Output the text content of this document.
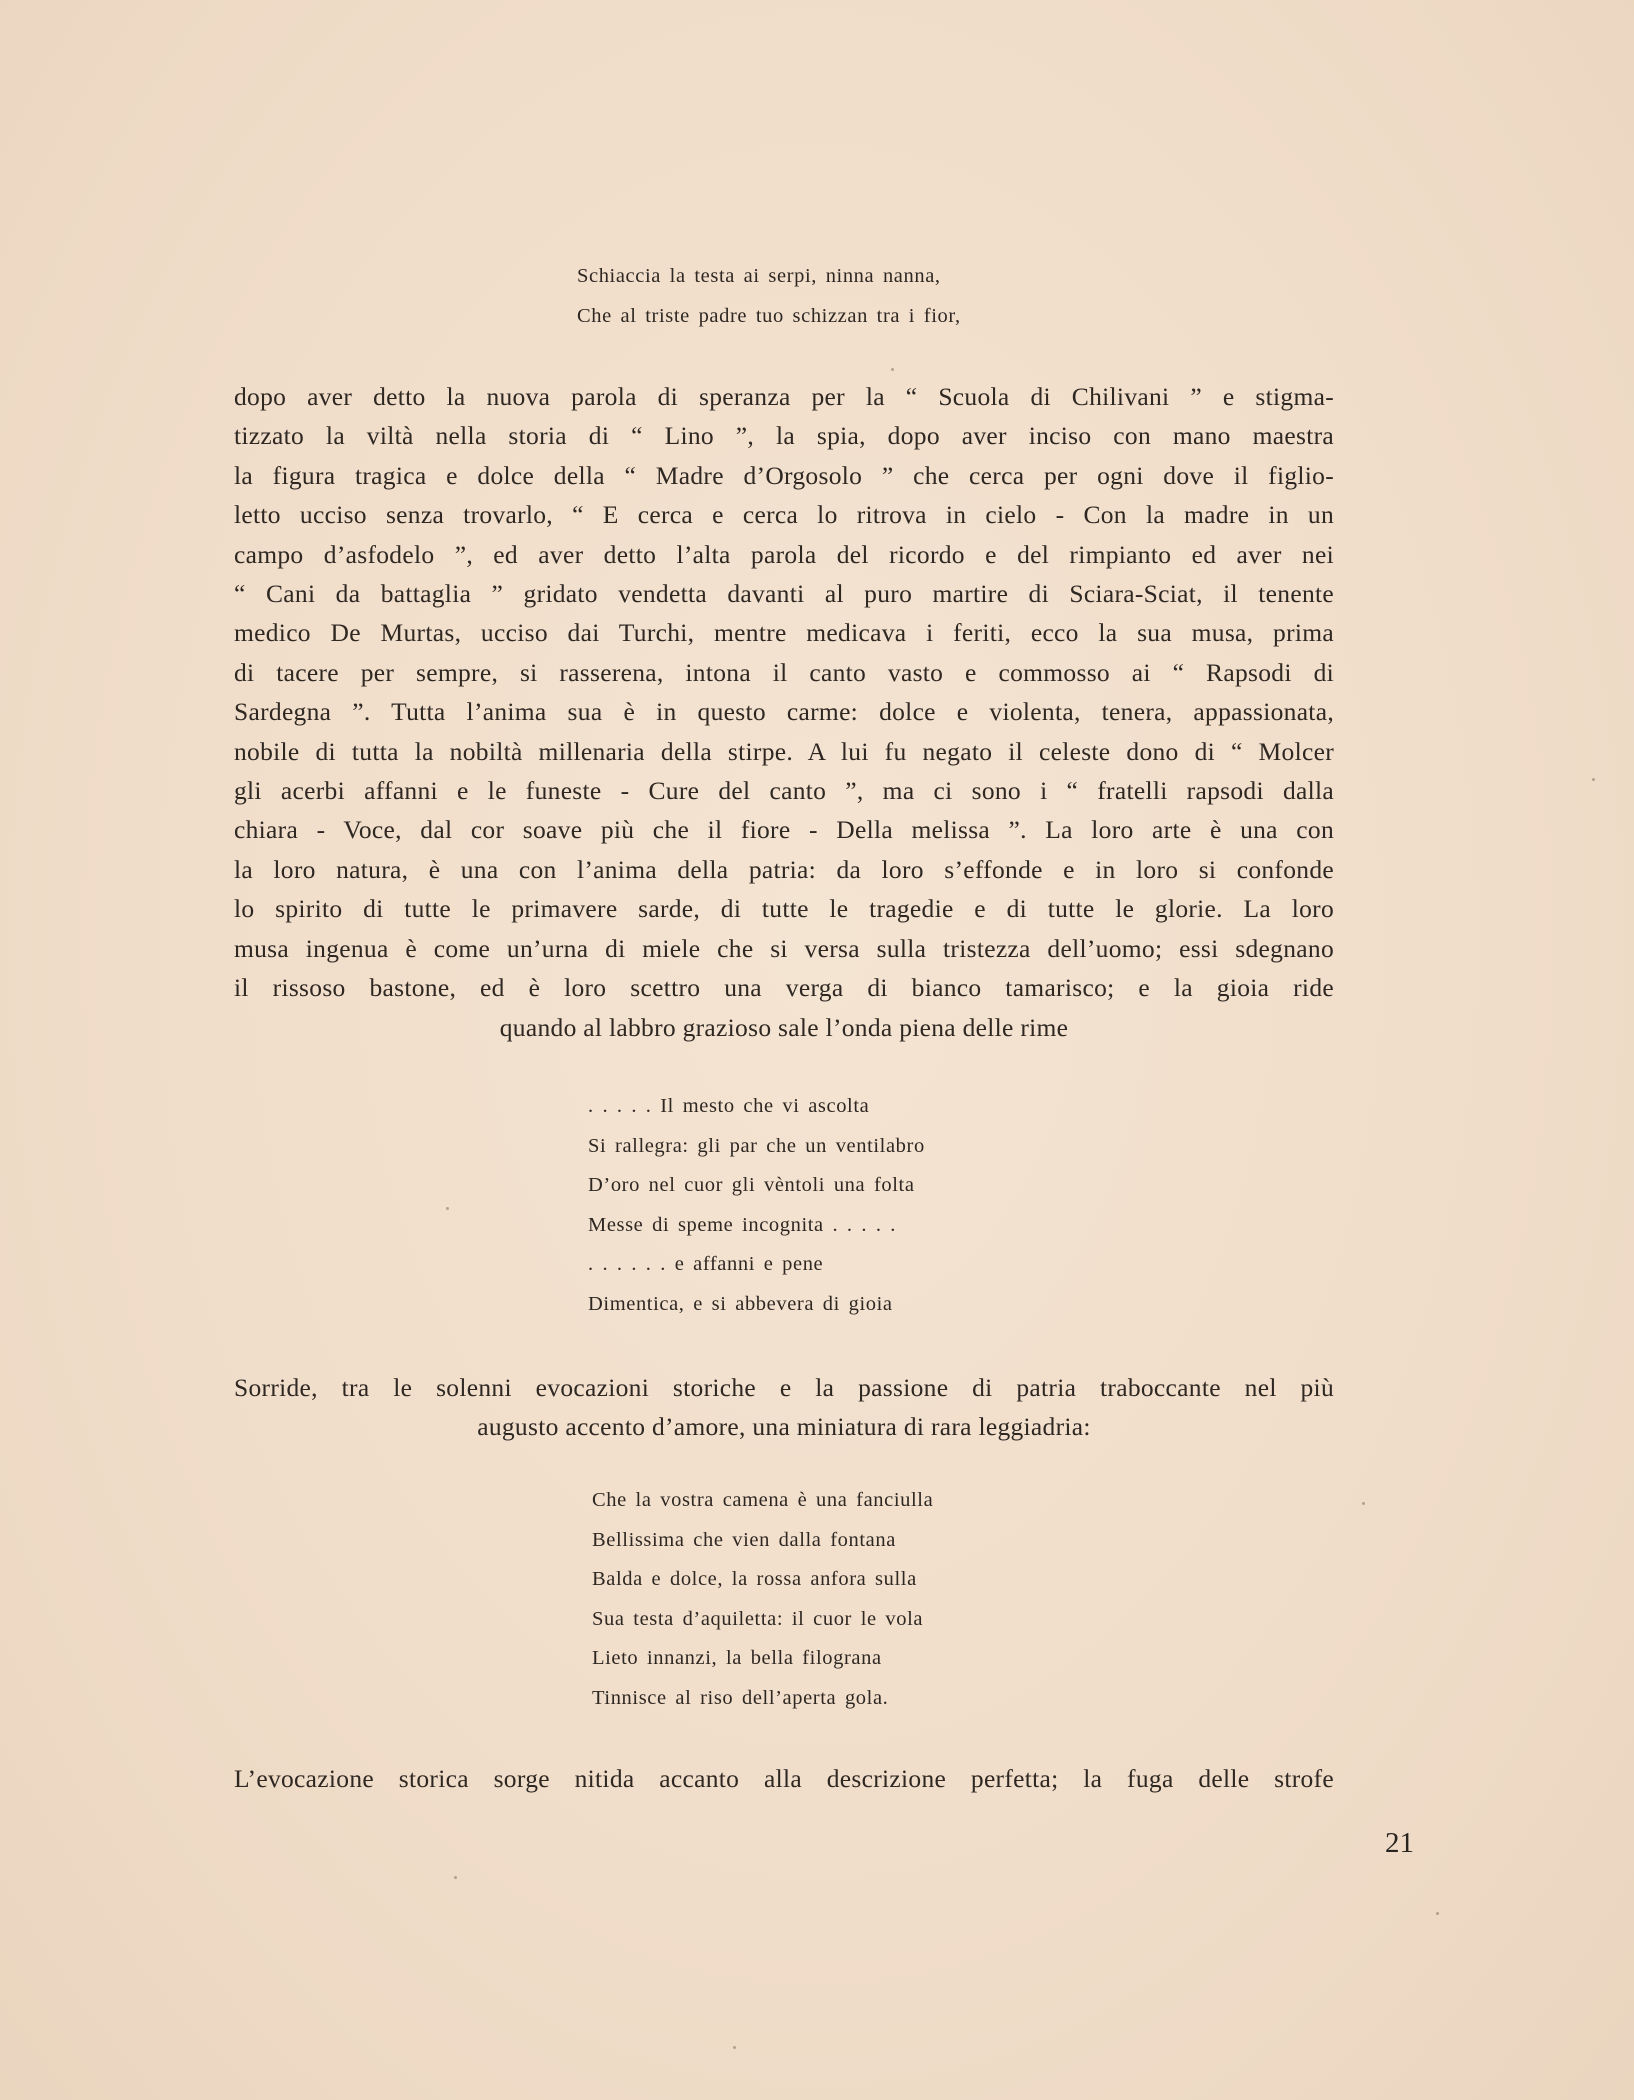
Schiaccia la testa ai serpi, ninna nanna,
Che al triste padre tuo schizzan tra i fior,
dopo aver detto la nuova parola di speranza per la “ Scuola di Chilivani ” e stigma-
tizzato la viltà nella storia di “ Lino ”, la spia, dopo aver inciso con mano maestra
la figura tragica e dolce della “ Madre d’Orgosolo ” che cerca per ogni dove il figlio-
letto ucciso senza trovarlo, “ E cerca e cerca lo ritrova in cielo - Con la madre in un
campo d’asfodelo ”, ed aver detto l’alta parola del ricordo e del rimpianto ed aver nei
“ Cani da battaglia ” gridato vendetta davanti al puro martire di Sciara-Sciat, il tenente
medico De Murtas, ucciso dai Turchi, mentre medicava i feriti, ecco la sua musa, prima
di tacere per sempre, si rasserena, intona il canto vasto e commosso ai “ Rapsodi di
Sardegna ”. Tutta l’anima sua è in questo carme: dolce e violenta, tenera, appassionata,
nobile di tutta la nobiltà millenaria della stirpe. A lui fu negato il celeste dono di “ Molcer
gli acerbi affanni e le funeste - Cure del canto ”, ma ci sono i “ fratelli rapsodi dalla
chiara - Voce, dal cor soave più che il fiore - Della melissa ”. La loro arte è una con
la loro natura, è una con l’anima della patria: da loro s’effonde e in loro si confonde
lo spirito di tutte le primavere sarde, di tutte le tragedie e di tutte le glorie. La loro
musa ingenua è come un’urna di miele che si versa sulla tristezza dell’uomo; essi sdegnano
il rissoso bastone, ed è loro scettro una verga di bianco tamarisco; e la gioia ride
quando al labbro grazioso sale l’onda piena delle rime
. . . . . Il mesto che vi ascolta
Si rallegra: gli par che un ventilabro
D’oro nel cuor gli vèntoli una folta
Messe di speme incognita . . . . .
. . . . . . e affanni e pene
Dimentica, e si abbevera di gioia
Sorride, tra le solenni evocazioni storiche e la passione di patria traboccante nel più
augusto accento d’amore, una miniatura di rara leggiadria:
Che la vostra camena è una fanciulla
Bellissima che vien dalla fontana
Balda e dolce, la rossa anfora sulla
Sua testa d’aquiletta: il cuor le vola
Lieto innanzi, la bella filograna
Tinnisce al riso dell’aperta gola.
L’evocazione storica sorge nitida accanto alla descrizione perfetta; la fuga delle strofe
21
